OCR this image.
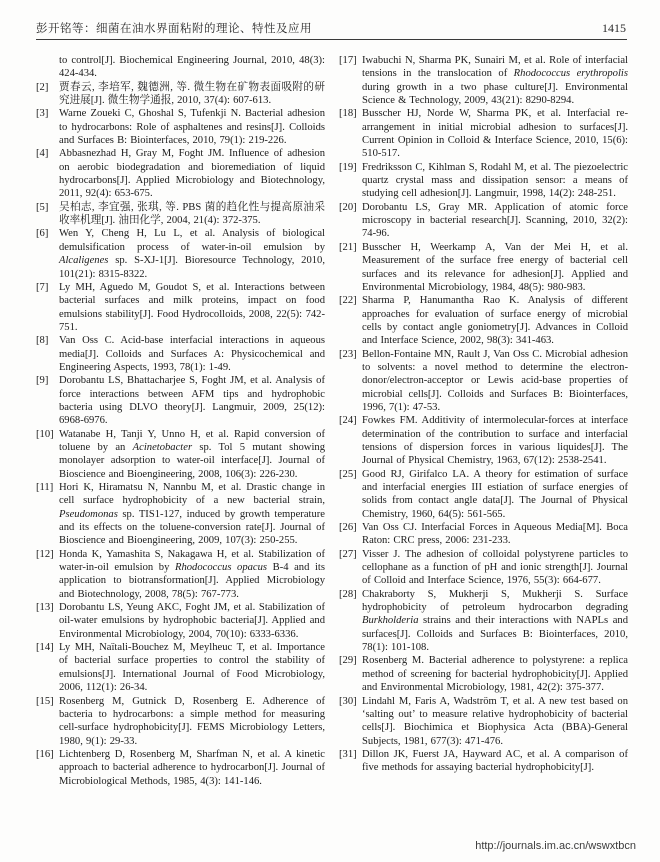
彭开铭等：细菌在油水界面粘附的理论、特性及应用	1415
to control[J]. Biochemical Engineering Journal, 2010, 48(3): 424-434.
[2] 贾春云, 李培军, 魏德洲, 等. 微生物在矿物表面吸附的研究进展[J]. 微生物学通报, 2010, 37(4): 607-613.
[3] Warne Zoueki C, Ghoshal S, Tufenkji N. Bacterial adhesion to hydrocarbons: Role of asphaltenes and resins[J]. Colloids and Surfaces B: Biointerfaces, 2010, 79(1): 219-226.
[4] Abbasnezhad H, Gray M, Foght JM. Influence of adhesion on aerobic biodegradation and bioremediation of liquid hydrocarbons[J]. Applied Microbiology and Biotechnology, 2011, 92(4): 653-675.
[5] 吴柏志, 李宜强, 张琪, 等. PBS 菌的趋化性与提高原油采收率机理[J]. 油田化学, 2004, 21(4): 372-375.
[6] Wen Y, Cheng H, Lu L, et al. Analysis of biological demulsification process of water-in-oil emulsion by Alcaligenes sp. S-XJ-1[J]. Bioresource Technology, 2010, 101(21): 8315-8322.
[7] Ly MH, Aguedo M, Goudot S, et al. Interactions between bacterial surfaces and milk proteins, impact on food emulsions stability[J]. Food Hydrocolloids, 2008, 22(5): 742-751.
[8] Van Oss C. Acid-base interfacial interactions in aqueous media[J]. Colloids and Surfaces A: Physicochemical and Engineering Aspects, 1993, 78(1): 1-49.
[9] Dorobantu LS, Bhattacharjee S, Foght JM, et al. Analysis of force interactions between AFM tips and hydrophobic bacteria using DLVO theory[J]. Langmuir, 2009, 25(12): 6968-6976.
[10] Watanabe H, Tanji Y, Unno H, et al. Rapid conversion of toluene by an Acinetobacter sp. Tol 5 mutant showing monolayer adsorption to water-oil interface[J]. Journal of Bioscience and Bioengineering, 2008, 106(3): 226-230.
[11] Hori K, Hiramatsu N, Nannbu M, et al. Drastic change in cell surface hydrophobicity of a new bacterial strain, Pseudomonas sp. TIS1-127, induced by growth temperature and its effects on the toluene-conversion rate[J]. Journal of Bioscience and Bioengineering, 2009, 107(3): 250-255.
[12] Honda K, Yamashita S, Nakagawa H, et al. Stabilization of water-in-oil emulsion by Rhodococcus opacus B-4 and its application to biotransformation[J]. Applied Microbiology and Biotechnology, 2008, 78(5): 767-773.
[13] Dorobantu LS, Yeung AKC, Foght JM, et al. Stabilization of oil-water emulsions by hydrophobic bacteria[J]. Applied and Environmental Microbiology, 2004, 70(10): 6333-6336.
[14] Ly MH, Naïtali-Bouchez M, Meylheuc T, et al. Importance of bacterial surface properties to control the stability of emulsions[J]. International Journal of Food Microbiology, 2006, 112(1): 26-34.
[15] Rosenberg M, Gutnick D, Rosenberg E. Adherence of bacteria to hydrocarbons: a simple method for measuring cell-surface hydrophobicity[J]. FEMS Microbiology Letters, 1980, 9(1): 29-33.
[16] Lichtenberg D, Rosenberg M, Sharfman N, et al. A kinetic approach to bacterial adherence to hydrocarbon[J]. Journal of Microbiological Methods, 1985, 4(3): 141-146.
[17] Iwabuchi N, Sharma PK, Sunairi M, et al. Role of interfacial tensions in the translocation of Rhodococcus erythropolis during growth in a two phase culture[J]. Environmental Science & Technology, 2009, 43(21): 8290-8294.
[18] Busscher HJ, Norde W, Sharma PK, et al. Interfacial re-arrangement in initial microbial adhesion to surfaces[J]. Current Opinion in Colloid & Interface Science, 2010, 15(6): 510-517.
[19] Fredriksson C, Kihlman S, Rodahl M, et al. The piezoelectric quartz crystal mass and dissipation sensor: a means of studying cell adhesion[J]. Langmuir, 1998, 14(2): 248-251.
[20] Dorobantu LS, Gray MR. Application of atomic force microscopy in bacterial research[J]. Scanning, 2010, 32(2): 74-96.
[21] Busscher H, Weerkamp A, Van der Mei H, et al. Measurement of the surface free energy of bacterial cell surfaces and its relevance for adhesion[J]. Applied and Environmental Microbiology, 1984, 48(5): 980-983.
[22] Sharma P, Hanumantha Rao K. Analysis of different approaches for evaluation of surface energy of microbial cells by contact angle goniometry[J]. Advances in Colloid and Interface Science, 2002, 98(3): 341-463.
[23] Bellon-Fontaine MN, Rault J, Van Oss C. Microbial adhesion to solvents: a novel method to determine the electron-donor/electron-acceptor or Lewis acid-base properties of microbial cells[J]. Colloids and Surfaces B: Biointerfaces, 1996, 7(1): 47-53.
[24] Fowkes FM. Additivity of intermolecular-forces at interface determination of the contribution to surface and interfacial tensions of dispersion forces in various liquides[J]. The Journal of Physical Chemistry, 1963, 67(12): 2538-2541.
[25] Good RJ, Girifalco LA. A theory for estimation of surface and interfacial energies III estiation of surface energies of solids from contact angle data[J]. The Journal of Physical Chemistry, 1960, 64(5): 561-565.
[26] Van Oss CJ. Interfacial Forces in Aqueous Media[M]. Boca Raton: CRC press, 2006: 231-233.
[27] Visser J. The adhesion of colloidal polystyrene particles to cellophane as a function of pH and ionic strength[J]. Journal of Colloid and Interface Science, 1976, 55(3): 664-677.
[28] Chakraborty S, Mukherji S, Mukherji S. Surface hydrophobicity of petroleum hydrocarbon degrading Burkholderia strains and their interactions with NAPLs and surfaces[J]. Colloids and Surfaces B: Biointerfaces, 2010, 78(1): 101-108.
[29] Rosenberg M. Bacterial adherence to polystyrene: a replica method of screening for bacterial hydrophobicity[J]. Applied and Environmental Microbiology, 1981, 42(2): 375-377.
[30] Lindahl M, Faris A, Wadström T, et al. A new test based on ‘salting out’ to measure relative hydrophobicity of bacterial cells[J]. Biochimica et Biophysica Acta (BBA)-General Subjects, 1981, 677(3): 471-476.
[31] Dillon JK, Fuerst JA, Hayward AC, et al. A comparison of five methods for assaying bacterial hydrophobicity[J].
http://journals.im.ac.cn/wswxtbcn
